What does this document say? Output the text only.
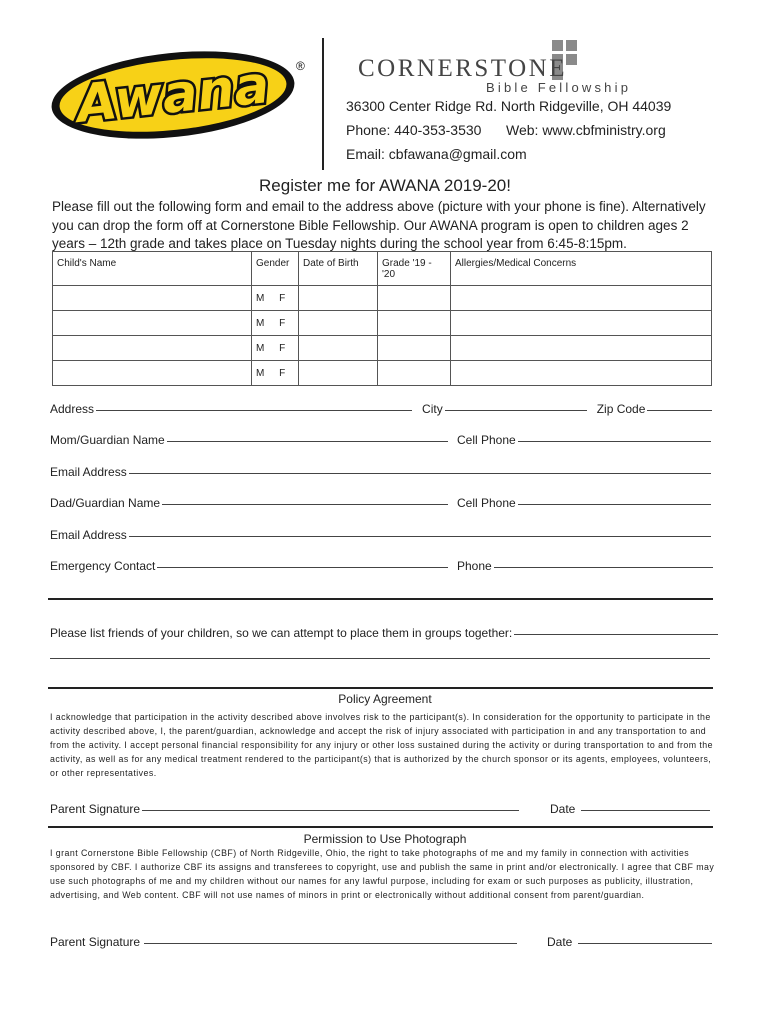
Awana ® CORNERSTONE
Bible Fellowship
36300 Center Ridge Rd. North Ridgeville, OH 44039
Phone: 440-353-3530 Web: www.cbfministry.org
Email: cbfawana@gmail.com
Register me for AWANA 2019-20!
Please fill out the following form and email to the address above (picture with your phone is fine). Alternatively you can drop the form off at Cornerstone Bible Fellowship. Our AWANA program is open to children ages 2 years – 12th grade and takes place on Tuesday nights during the school year from 6:45-8:15pm.
Child's Name	Gender	Date of Birth	Grade '19 - '20	Allergies/Medical Concerns
	M F			
	M F			
	M F			
	M F			
Address	City	Zip Code
Mom/Guardian Name	Cell Phone
Email Address
Dad/Guardian Name	Cell Phone
Email Address
Emergency Contact	Phone
Please list friends of your children, so we can attempt to place them in groups together:
Policy Agreement
I acknowledge that participation in the activity described above involves risk to the participant(s). In consideration for the opportunity to participate in the activity described above, I, the parent/guardian, acknowledge and accept the risk of injury associated with participation in and any transportation to and from the activity. I accept personal financial responsibility for any injury or other loss sustained during the activity or during transportation to and from the activity, as well as for any medical treatment rendered to the participant(s) that is authorized by the church sponsor or its agents, employees, volunteers, or other representatives.
Parent Signature	Date
Permission to Use Photograph
I grant Cornerstone Bible Fellowship (CBF) of North Ridgeville, Ohio, the right to take photographs of me and my family in connection with activities sponsored by CBF. I authorize CBF its assigns and transferees to copyright, use and publish the same in print and/or electronically. I agree that CBF may use such photographs of me and my children without our names for any lawful purpose, including for exam or such purposes as publicity, illustration, advertising, and Web content. CBF will not use names of minors in print or electronically without additional consent from parent/guardian.
Parent Signature	Date
